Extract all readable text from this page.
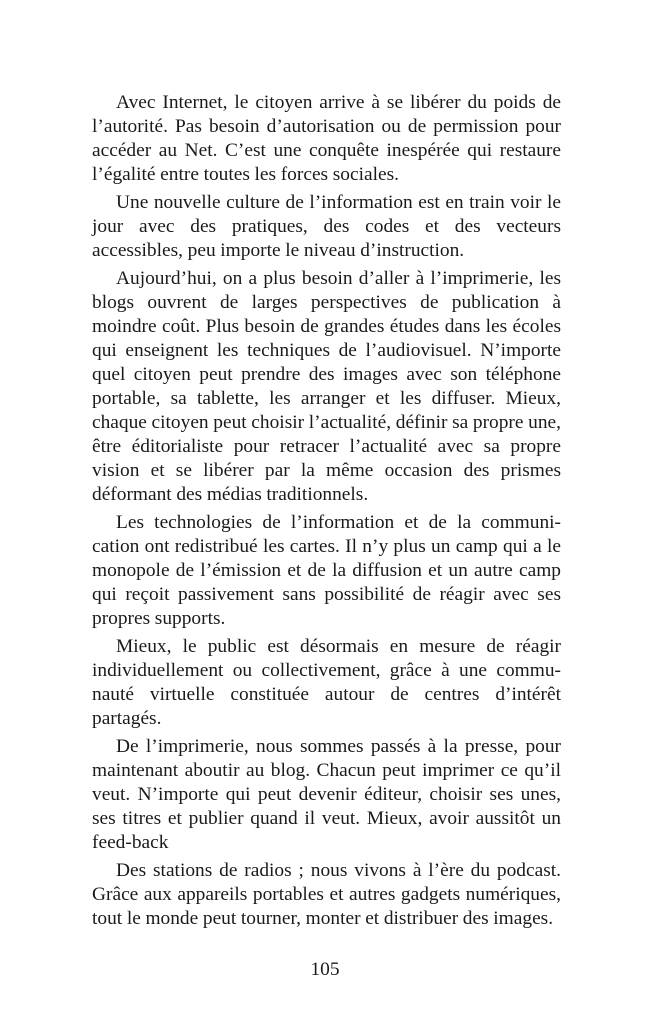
Avec Internet, le citoyen arrive à se libérer du poids de l’autorité. Pas besoin d’autorisation ou de permission pour accéder au Net. C’est une conquête inespérée qui restaure l’égalité entre toutes les forces sociales.

Une nouvelle culture de l’information est en train voir le jour avec des pratiques, des codes et des vecteurs accessibles, peu importe le niveau d’instruction.

Aujourd’hui, on a plus besoin d’aller à l’imprimerie, les blogs ouvrent de larges perspectives de publication à moindre coût. Plus besoin de grandes études dans les écoles qui enseignent les techniques de l’audiovisuel. N’importe quel citoyen peut prendre des images avec son téléphone portable, sa tablette, les arranger et les diffuser. Mieux, chaque citoyen peut choisir l’actualité, définir sa propre une, être éditorialiste pour retracer l’actualité avec sa propre vision et se libérer par la même occasion des prismes déformant des médias traditionnels.

Les technologies de l’information et de la communication ont redistribué les cartes. Il n’y plus un camp qui a le monopole de l’émission et de la diffusion et un autre camp qui reçoit passivement sans possibilité de réagir avec ses propres supports.

Mieux, le public est désormais en mesure de réagir individuellement ou collectivement, grâce à une communauté virtuelle constituée autour de centres d’intérêt partagés.

De l’imprimerie, nous sommes passés à la presse, pour maintenant aboutir au blog. Chacun peut imprimer ce qu’il veut. N’importe qui peut devenir éditeur, choisir ses unes, ses titres et publier quand il veut. Mieux, avoir aussitôt un feed-back

Des stations de radios ; nous vivons à l’ère du podcast. Grâce aux appareils portables et autres gadgets numériques, tout le monde peut tourner, monter et distribuer des images.

105
